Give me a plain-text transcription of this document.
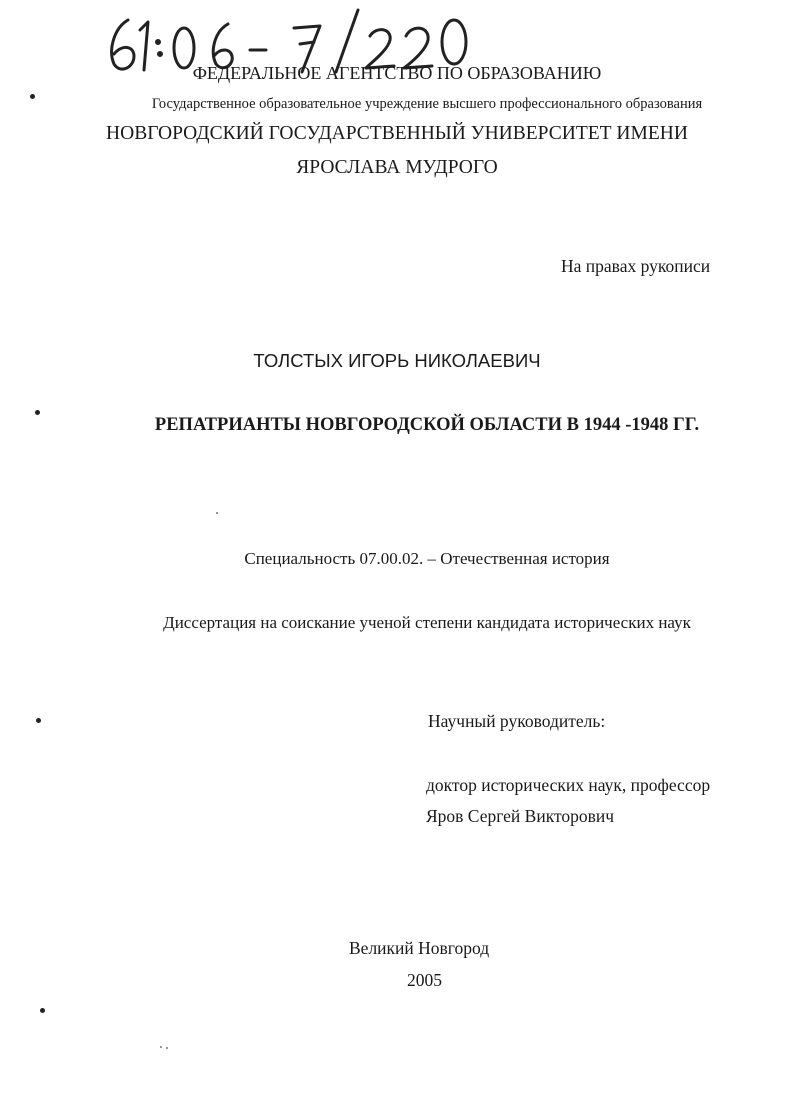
ФЕДЕРАЛЬНОЕ АГЕНТСТВО ПО ОБРАЗОВАНИЮ
Государственное образовательное учреждение высшего профессионального образования
НОВГОРОДСКИЙ ГОСУДАРСТВЕННЫЙ УНИВЕРСИТЕТ ИМЕНИ
ЯРОСЛАВА МУДРОГО
На правах рукописи
ТОЛСТЫХ ИГОРЬ НИКОЛАЕВИЧ
РЕПАТРИАНТЫ НОВГОРОДСКОЙ ОБЛАСТИ В 1944 -1948 ГГ.
Специальность 07.00.02. – Отечественная история
Диссертация на соискание ученой степени кандидата исторических наук
Научный руководитель:
доктор исторических наук, профессор
Яров Сергей Викторович
Великий Новгород
2005
